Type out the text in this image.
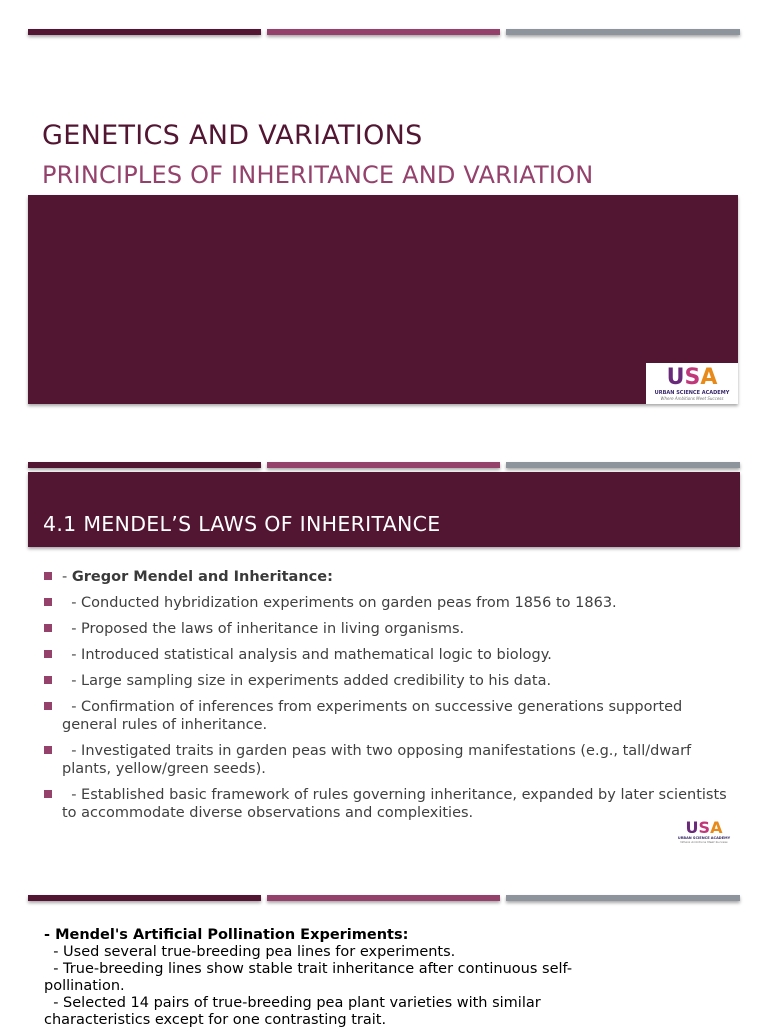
GENETICS AND VARIATIONS
PRINCIPLES OF INHERITANCE AND VARIATION
U S A
URBAN SCIENCE ACADEMY
Where Ambitions Meet Success
4.1 MENDEL’S LAWS OF INHERITANCE
- Gregor Mendel and Inheritance:
- Conducted hybridization experiments on garden peas from 1856 to 1863.
- Proposed the laws of inheritance in living organisms.
- Introduced statistical analysis and mathematical logic to biology.
- Large sampling size in experiments added credibility to his data.
- Confirmation of inferences from experiments on successive generations supported general rules of inheritance.
- Investigated traits in garden peas with two opposing manifestations (e.g., tall/dwarf plants, yellow/green seeds).
- Established basic framework of rules governing inheritance, expanded by later scientists to accommodate diverse observations and complexities.
U S A
URBAN SCIENCE ACADEMY
Where Ambitions Meet Success
- Mendel's Artificial Pollination Experiments:
- Used several true-breeding pea lines for experiments.
- True-breeding lines show stable trait inheritance after continuous self-pollination.
- Selected 14 pairs of true-breeding pea plant varieties with similar characteristics except for one contrasting trait.
